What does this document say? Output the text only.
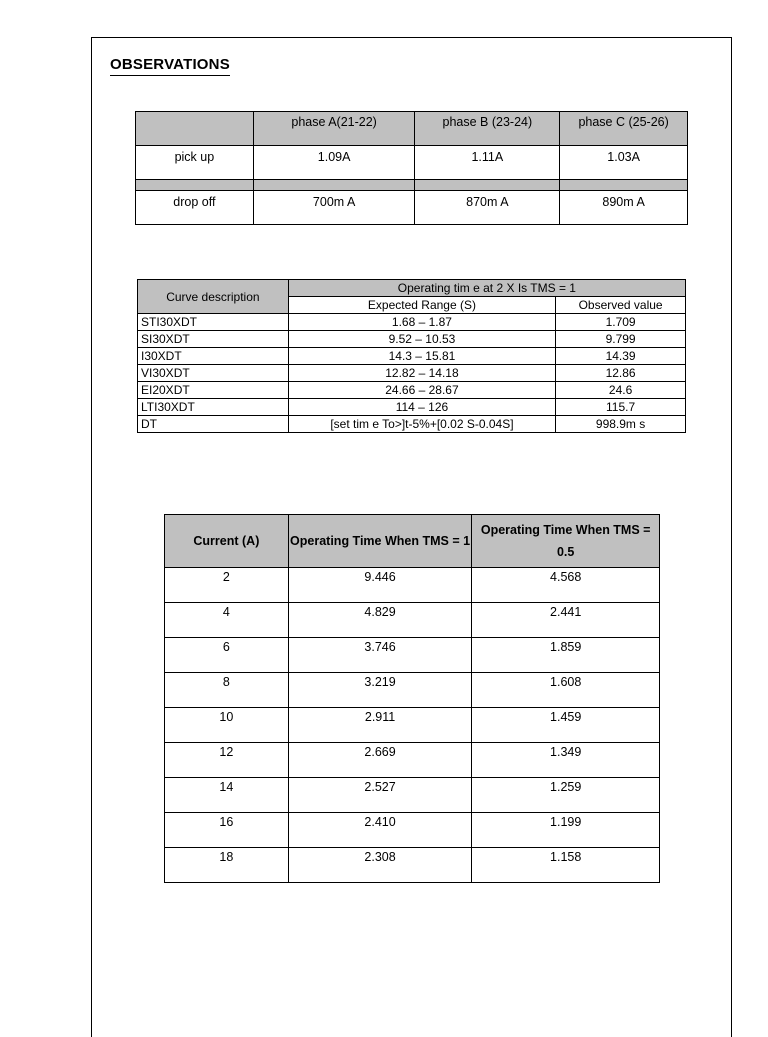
OBSERVATIONS
	phase A(21-22)	phase B (23-24)	phase C (25-26)
pick up	1.09A	1.11A	1.03A

drop off	700m A	870m A	890m A
Curve description	Operating tim e at 2 X Is TMS = 1	
	Expected Range (S)	Observed value
STI30XDT	1.68 – 1.87	1.709
SI30XDT	9.52 – 10.53	9.799
I30XDT	14.3 – 15.81	14.39
VI30XDT	12.82 – 14.18	12.86
EI20XDT	24.66 – 28.67	24.6
LTI30XDT	114 – 126	115.7
DT	[set tim e To>]t-5%+[0.02 S-0.04S]	998.9m s
Current (A)	Operating Time When TMS = 1	Operating Time When TMS = 0.5
2	9.446	4.568
4	4.829	2.441
6	3.746	1.859
8	3.219	1.608
10	2.911	1.459
12	2.669	1.349
14	2.527	1.259
16	2.410	1.199
18	2.308	1.158
